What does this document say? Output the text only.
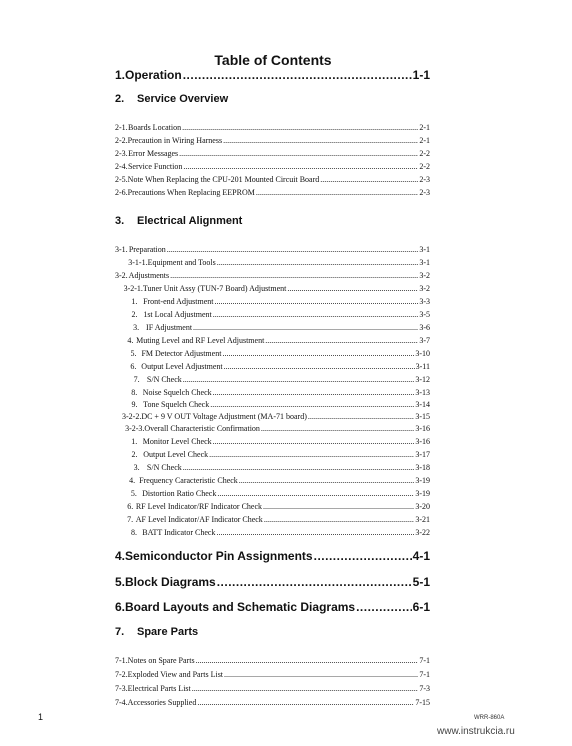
Table of Contents
1. Operation .....	1-1
2. Service Overview
2-1. Boards Location .....	2-1
2-2. Precaution in Wiring Harness .....	2-1
2-3. Error Messages .....	2-2
2-4. Service Function .....	2-2
2-5. Note When Replacing the CPU-201 Mounted Circuit Board .....	2-3
2-6. Precautions When Replacing EEPROM .....	2-3
3. Electrical Alignment
3-1. Preparation .....	3-1
3-1-1. Equipment and Tools .....	3-1
3-2. Adjustments .....	3-2
3-2-1. Tuner Unit Assy (TUN-7 Board) Adjustment .....	3-2
1. Front-end Adjustment .....	3-3
2. 1st Local Adjustment .....	3-5
3. IF Adjustment .....	3-6
4. Muting Level and RF Level Adjustment .....	3-7
5. FM Detector Adjustment .....	3-10
6. Output Level Adjustment .....	3-11
7. S/N Check .....	3-12
8. Noise Squelch Check .....	3-13
9. Tone Squelch Check .....	3-14
3-2-2. DC + 9 V OUT Voltage Adjustment (MA-71 board) .....	3-15
3-2-3. Overall Characteristic Confirmation .....	3-16
1. Monitor Level Check .....	3-16
2. Output Level Check .....	3-17
3. S/N Check .....	3-18
4. Frequency Caracteristic Check .....	3-19
5. Distortion Ratio Check .....	3-19
6. RF Level Indicator/RF Indicator Check .....	3-20
7. AF Level Indicator/AF Indicator Check .....	3-21
8. BATT Indicator Check .....	3-22
4. Semiconductor Pin Assignments .....	4-1
5. Block Diagrams .....	5-1
6. Board Layouts and Schematic Diagrams .....	6-1
7. Spare Parts
7-1. Notes on Spare Parts .....	7-1
7-2. Exploded View and Parts List .....	7-1
7-3. Electrical Parts List .....	7-3
7-4. Accessories Supplied .....	7-15
1	WRR-860A
www.instrukcia.ru
